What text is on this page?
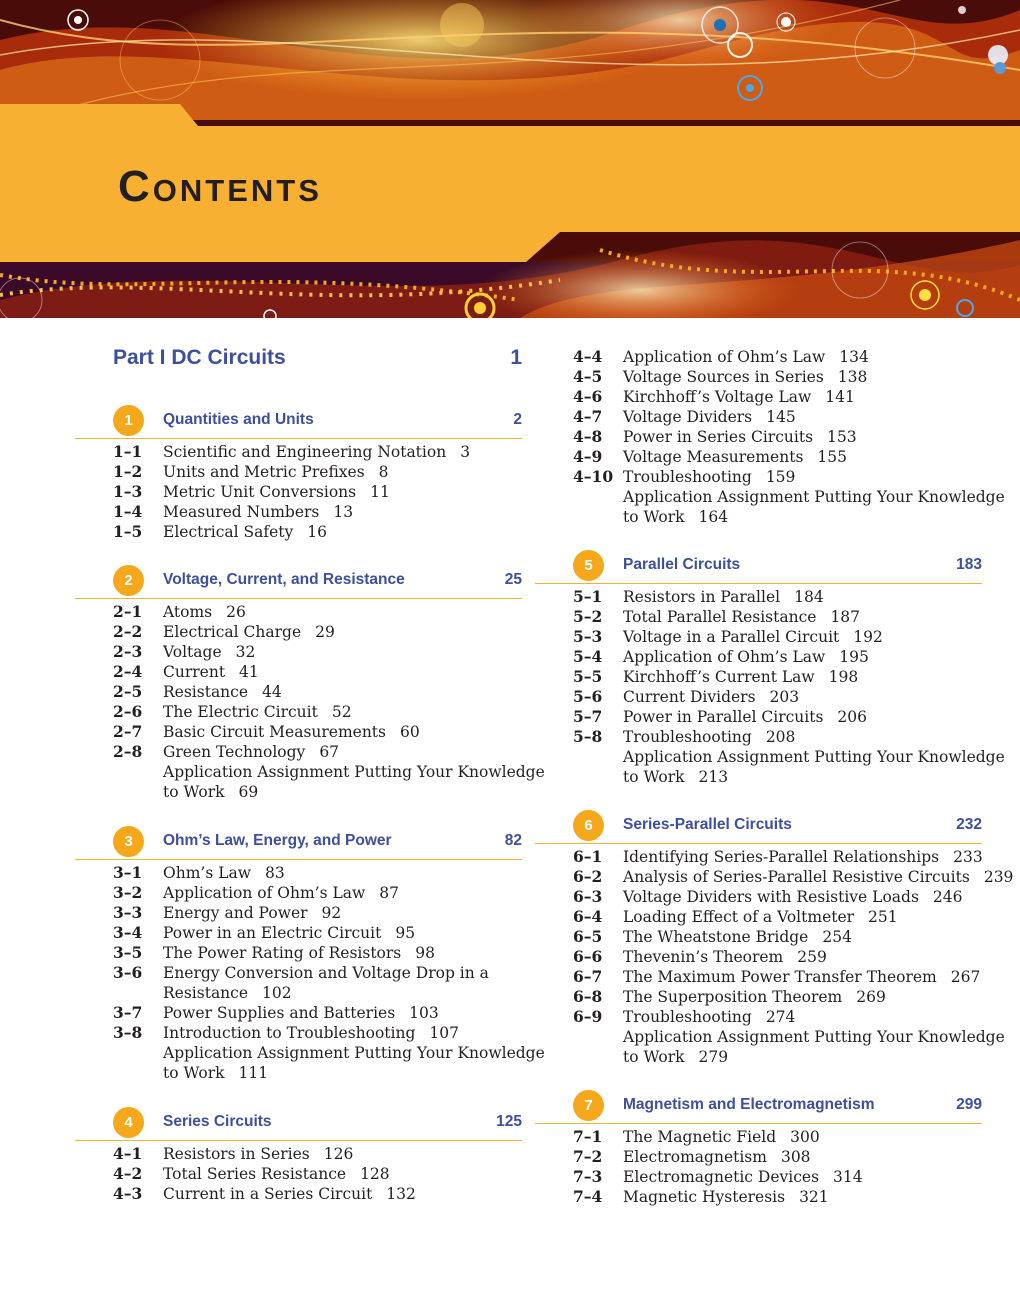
Contents
Part I DC Circuits	1
1	Quantities and Units	2
1–1 Scientific and Engineering Notation 3
1–2 Units and Metric Prefixes 8
1–3 Metric Unit Conversions 11
1–4 Measured Numbers 13
1–5 Electrical Safety 16
2	Voltage, Current, and Resistance	25
2–1 Atoms 26
2–2 Electrical Charge 29
2–3 Voltage 32
2–4 Current 41
2–5 Resistance 44
2–6 The Electric Circuit 52
2–7 Basic Circuit Measurements 60
2–8 Green Technology 67
Application Assignment Putting Your Knowledge
to Work 69
3	Ohm’s Law, Energy, and Power	82
3–1 Ohm’s Law 83
3–2 Application of Ohm’s Law 87
3–3 Energy and Power 92
3–4 Power in an Electric Circuit 95
3–5 The Power Rating of Resistors 98
3–6 Energy Conversion and Voltage Drop in a
Resistance 102
3–7 Power Supplies and Batteries 103
3–8 Introduction to Troubleshooting 107
Application Assignment Putting Your Knowledge
to Work 111
4	Series Circuits	125
4–1 Resistors in Series 126
4–2 Total Series Resistance 128
4–3 Current in a Series Circuit 132
4–4 Application of Ohm’s Law 134
4–5 Voltage Sources in Series 138
4–6 Kirchhoff’s Voltage Law 141
4–7 Voltage Dividers 145
4–8 Power in Series Circuits 153
4–9 Voltage Measurements 155
4–10 Troubleshooting 159
Application Assignment Putting Your Knowledge
to Work 164
5	Parallel Circuits	183
5–1 Resistors in Parallel 184
5–2 Total Parallel Resistance 187
5–3 Voltage in a Parallel Circuit 192
5–4 Application of Ohm’s Law 195
5–5 Kirchhoff’s Current Law 198
5–6 Current Dividers 203
5–7 Power in Parallel Circuits 206
5–8 Troubleshooting 208
Application Assignment Putting Your Knowledge
to Work 213
6	Series-Parallel Circuits	232
6–1 Identifying Series-Parallel Relationships 233
6–2 Analysis of Series-Parallel Resistive Circuits 239
6–3 Voltage Dividers with Resistive Loads 246
6–4 Loading Effect of a Voltmeter 251
6–5 The Wheatstone Bridge 254
6–6 Thevenin’s Theorem 259
6–7 The Maximum Power Transfer Theorem 267
6–8 The Superposition Theorem 269
6–9 Troubleshooting 274
Application Assignment Putting Your Knowledge
to Work 279
7	Magnetism and Electromagnetism	299
7–1 The Magnetic Field 300
7–2 Electromagnetism 308
7–3 Electromagnetic Devices 314
7–4 Magnetic Hysteresis 321
